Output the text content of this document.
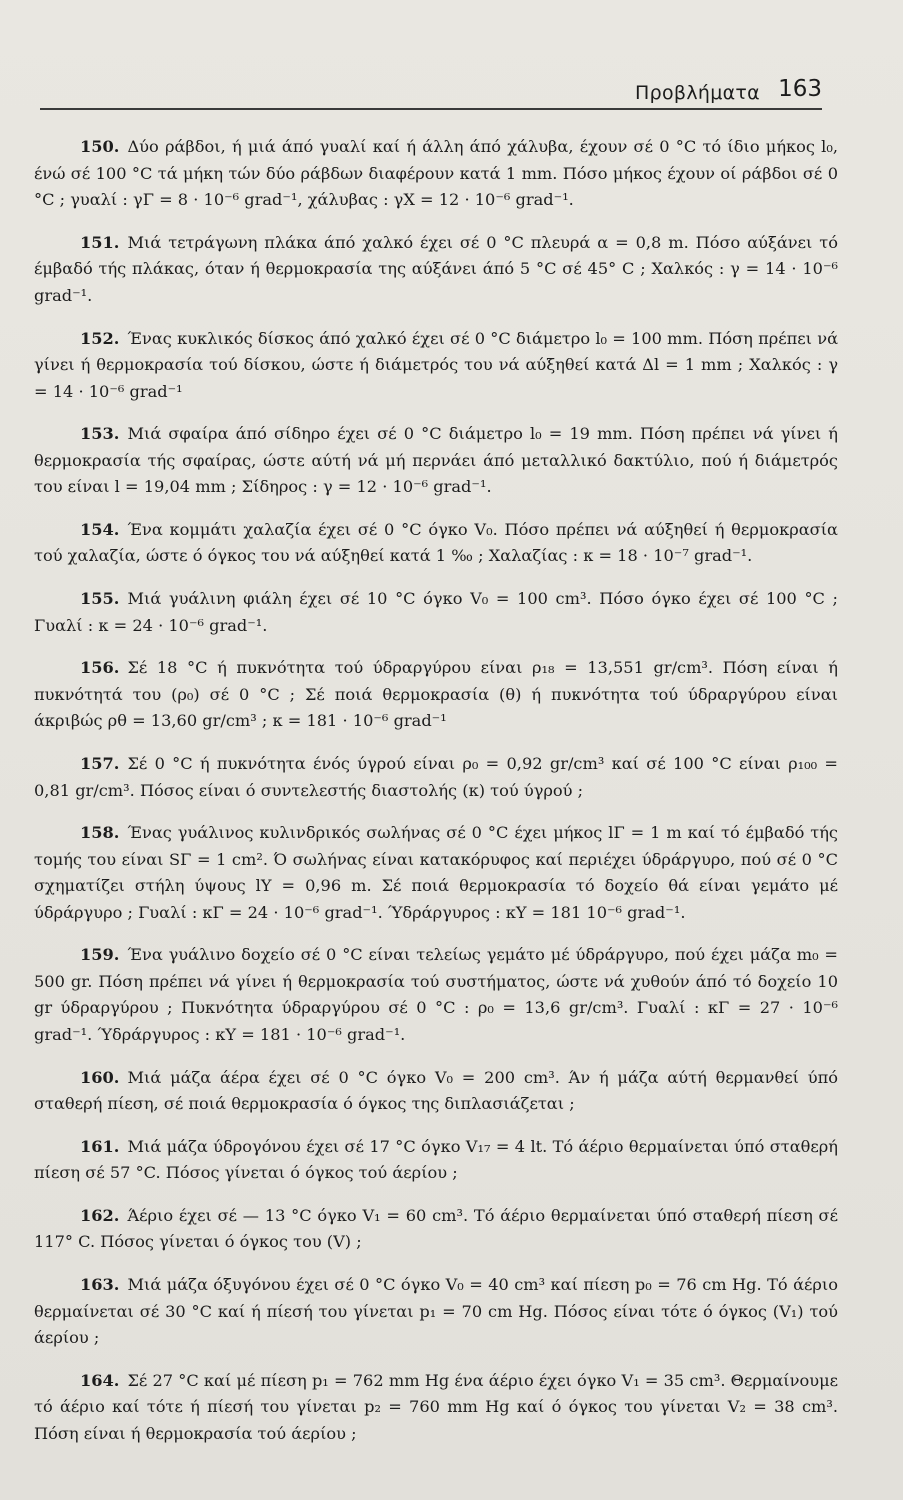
Προβλήματα 163

150. Δύο ράβδοι, ή μιά άπό γυαλί καί ή άλλη άπό χάλυβα, έχουν σέ 0 °C τό ίδιο μήκος l₀, ένώ σέ 100 °C τά μήκη τών δύο ράβδων διαφέρουν κατά 1 mm. Πόσο μήκος έχουν οί ράβδοι σέ 0 °C ; γυαλί : γΓ = 8 · 10⁻⁶ grad⁻¹, χάλυβας : γΧ = 12 · 10⁻⁶ grad⁻¹.

151. Μιά τετράγωνη πλάκα άπό χαλκό έχει σέ 0 °C πλευρά α = 0,8 m. Πόσο αύξάνει τό έμβαδό τής πλάκας, όταν ή θερμοκρασία της αύξάνει άπό 5 °C σέ 45° C ; Χαλκός : γ = 14 · 10⁻⁶ grad⁻¹.

152. Ένας κυκλικός δίσκος άπό χαλκό έχει σέ 0 °C διάμετρο l₀ = 100 mm. Πόση πρέπει νά γίνει ή θερμοκρασία τού δίσκου, ώστε ή διάμετρός του νά αύξηθεί κατά Δl = 1 mm ; Χαλκός : γ = 14 · 10⁻⁶ grad⁻¹

153. Μιά σφαίρα άπό σίδηρο έχει σέ 0 °C διάμετρο l₀ = 19 mm. Πόση πρέπει νά γίνει ή θερμοκρασία τής σφαίρας, ώστε αύτή νά μή περνάει άπό μεταλλικό δακτύλιο, πού ή διάμετρός του είναι l = 19,04 mm ; Σίδηρος : γ = 12 · 10⁻⁶ grad⁻¹.

154. Ένα κομμάτι χαλαζία έχει σέ 0 °C όγκο V₀. Πόσο πρέπει νά αύξηθεί ή θερμοκρασία τού χαλαζία, ώστε ό όγκος του νά αύξηθεί κατά 1 ‰ ; Χαλαζίας : κ = 18 · 10⁻⁷ grad⁻¹.

155. Μιά γυάλινη φιάλη έχει σέ 10 °C όγκο V₀ = 100 cm³. Πόσο όγκο έχει σέ 100 °C ; Γυαλί : κ = 24 · 10⁻⁶ grad⁻¹.

156. Σέ 18 °C ή πυκνότητα τού ύδραργύρου είναι ρ₁₈ = 13,551 gr/cm³. Πόση είναι ή πυκνότητά του (ρ₀) σέ 0 °C ; Σέ ποιά θερμοκρασία (θ) ή πυκνότητα τού ύδραργύρου είναι άκριβώς ρθ = 13,60 gr/cm³ ; κ = 181 · 10⁻⁶ grad⁻¹

157. Σέ 0 °C ή πυκνότητα ένός ύγρού είναι ρ₀ = 0,92 gr/cm³ καί σέ 100 °C είναι ρ₁₀₀ = 0,81 gr/cm³. Πόσος είναι ό συντελεστής διαστολής (κ) τού ύγρού ;

158. Ένας γυάλινος κυλινδρικός σωλήνας σέ 0 °C έχει μήκος lΓ = 1 m καί τό έμβαδό τής τομής του είναι SΓ = 1 cm². Ό σωλήνας είναι κατακόρυφος καί περιέχει ύδράργυρο, πού σέ 0 °C σχηματίζει στήλη ύψους lΥ = 0,96 m. Σέ ποιά θερμοκρασία τό δοχείο θά είναι γεμάτο μέ ύδράργυρο ; Γυαλί : κΓ = 24 · 10⁻⁶ grad⁻¹. Ύδράργυρος : κΥ = 181 10⁻⁶ grad⁻¹.

159. Ένα γυάλινο δοχείο σέ 0 °C είναι τελείως γεμάτο μέ ύδράργυρο, πού έχει μάζα m₀ = 500 gr. Πόση πρέπει νά γίνει ή θερμοκρασία τού συστήματος, ώστε νά χυθούν άπό τό δοχείο 10 gr ύδραργύρου ; Πυκνότητα ύδραργύρου σέ 0 °C : ρ₀ = 13,6 gr/cm³. Γυαλί : κΓ = 27 · 10⁻⁶ grad⁻¹. Ύδράργυρος : κΥ = 181 · 10⁻⁶ grad⁻¹.

160. Μιά μάζα άέρα έχει σέ 0 °C όγκο V₀ = 200 cm³. Άν ή μάζα αύτή θερμανθεί ύπό σταθερή πίεση, σέ ποιά θερμοκρασία ό όγκος της διπλασιάζεται ;

161. Μιά μάζα ύδρογόνου έχει σέ 17 °C όγκο V₁₇ = 4 lt. Τό άέριο θερμαίνεται ύπό σταθερή πίεση σέ 57 °C. Πόσος γίνεται ό όγκος τού άερίου ;

162. Άέριο έχει σέ — 13 °C όγκο V₁ = 60 cm³. Τό άέριο θερμαίνεται ύπό σταθερή πίεση σέ 117° C. Πόσος γίνεται ό όγκος του (V) ;

163. Μιά μάζα όξυγόνου έχει σέ 0 °C όγκο V₀ = 40 cm³ καί πίεση p₀ = 76 cm Hg. Τό άέριο θερμαίνεται σέ 30 °C καί ή πίεσή του γίνεται p₁ = 70 cm Hg. Πόσος είναι τότε ό όγκος (V₁) τού άερίου ;

164. Σέ 27 °C καί μέ πίεση p₁ = 762 mm Hg ένα άέριο έχει όγκο V₁ = 35 cm³. Θερμαίνουμε τό άέριο καί τότε ή πίεσή του γίνεται p₂ = 760 mm Hg καί ό όγκος του γίνεται V₂ = 38 cm³. Πόση είναι ή θερμοκρασία τού άερίου ;
